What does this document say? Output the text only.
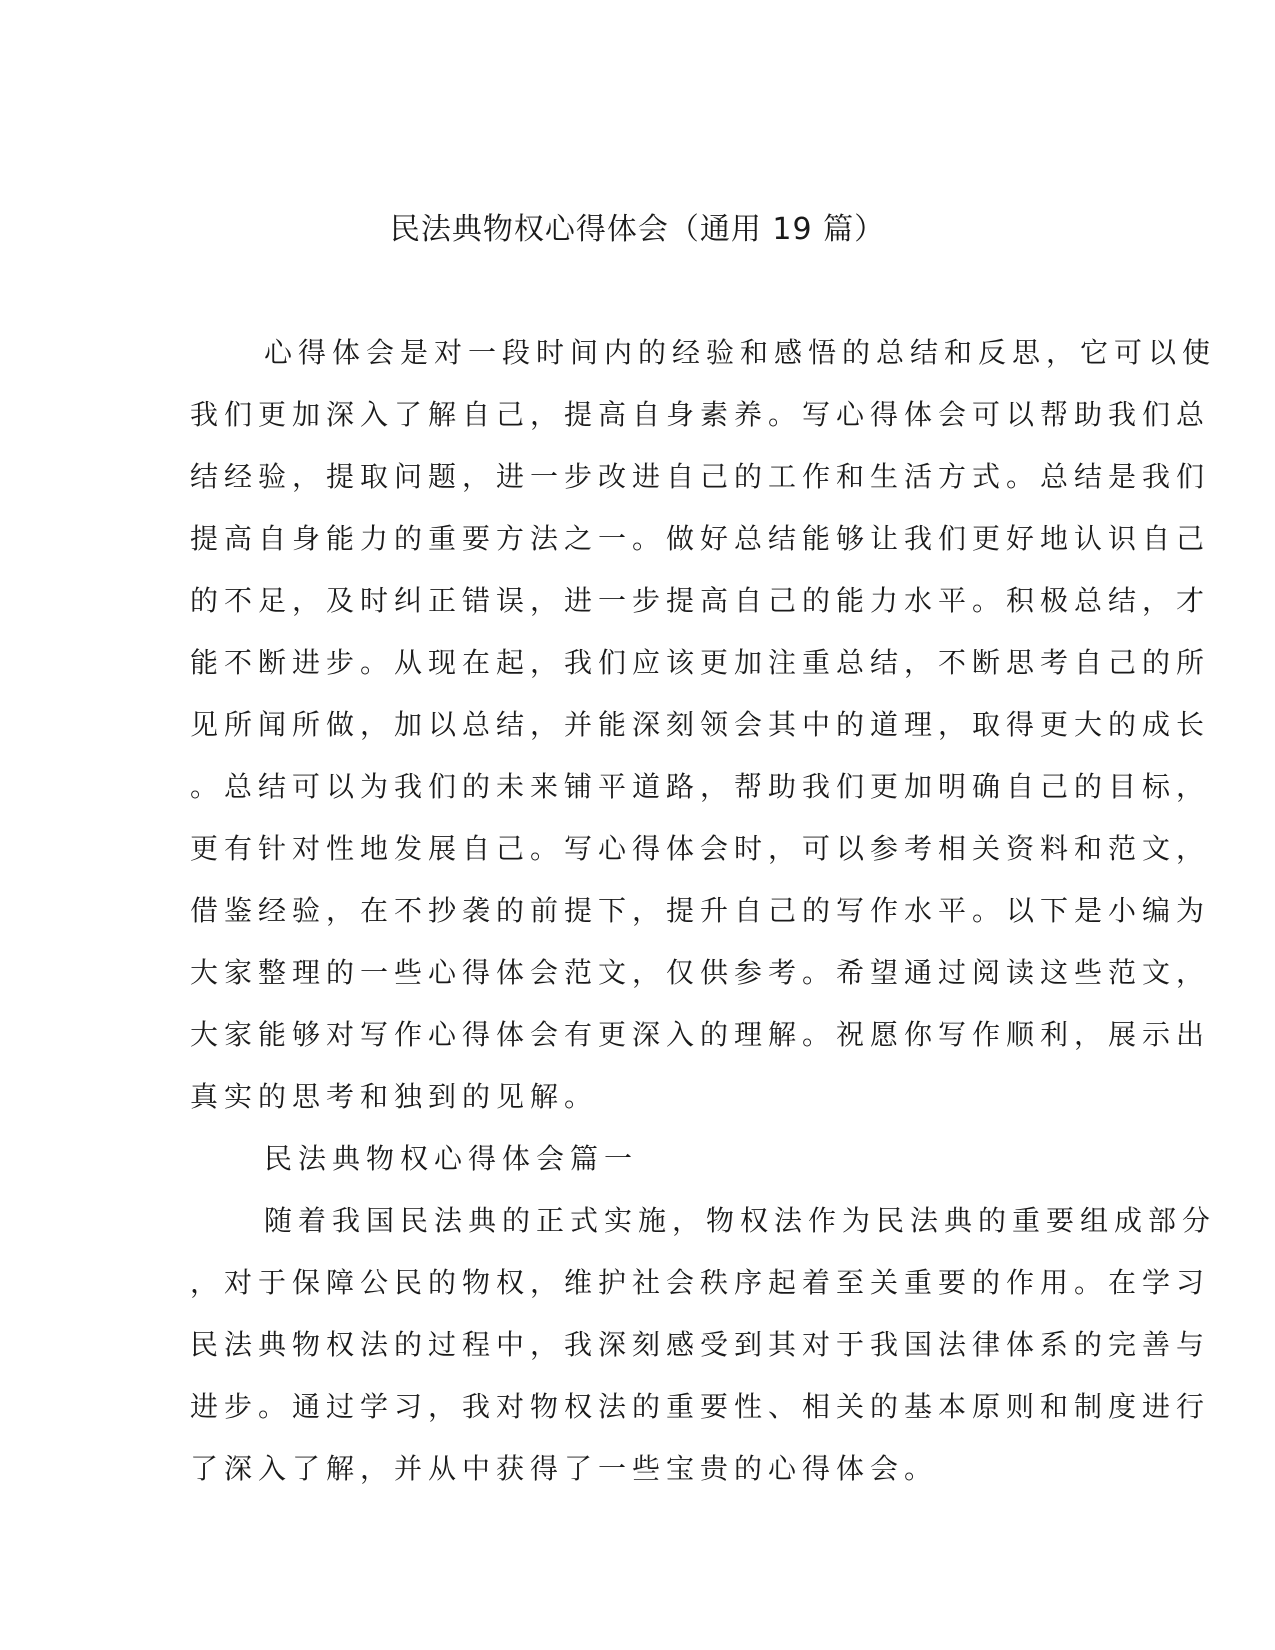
民法典物权心得体会（通用 19 篇）
心得体会是对一段时间内的经验和感悟的总结和反思，它可以使
我们更加深入了解自己，提高自身素养。写心得体会可以帮助我们总
结经验，提取问题，进一步改进自己的工作和生活方式。总结是我们
提高自身能力的重要方法之一。做好总结能够让我们更好地认识自己
的不足，及时纠正错误，进一步提高自己的能力水平。积极总结，才
能不断进步。从现在起，我们应该更加注重总结，不断思考自己的所
见所闻所做，加以总结，并能深刻领会其中的道理，取得更大的成长
。总结可以为我们的未来铺平道路，帮助我们更加明确自己的目标，
更有针对性地发展自己。写心得体会时，可以参考相关资料和范文，
借鉴经验，在不抄袭的前提下，提升自己的写作水平。以下是小编为
大家整理的一些心得体会范文，仅供参考。希望通过阅读这些范文，
大家能够对写作心得体会有更深入的理解。祝愿你写作顺利，展示出
真实的思考和独到的见解。
民法典物权心得体会篇一
随着我国民法典的正式实施，物权法作为民法典的重要组成部分
，对于保障公民的物权，维护社会秩序起着至关重要的作用。在学习
民法典物权法的过程中，我深刻感受到其对于我国法律体系的完善与
进步。通过学习，我对物权法的重要性、相关的基本原则和制度进行
了深入了解，并从中获得了一些宝贵的心得体会。
